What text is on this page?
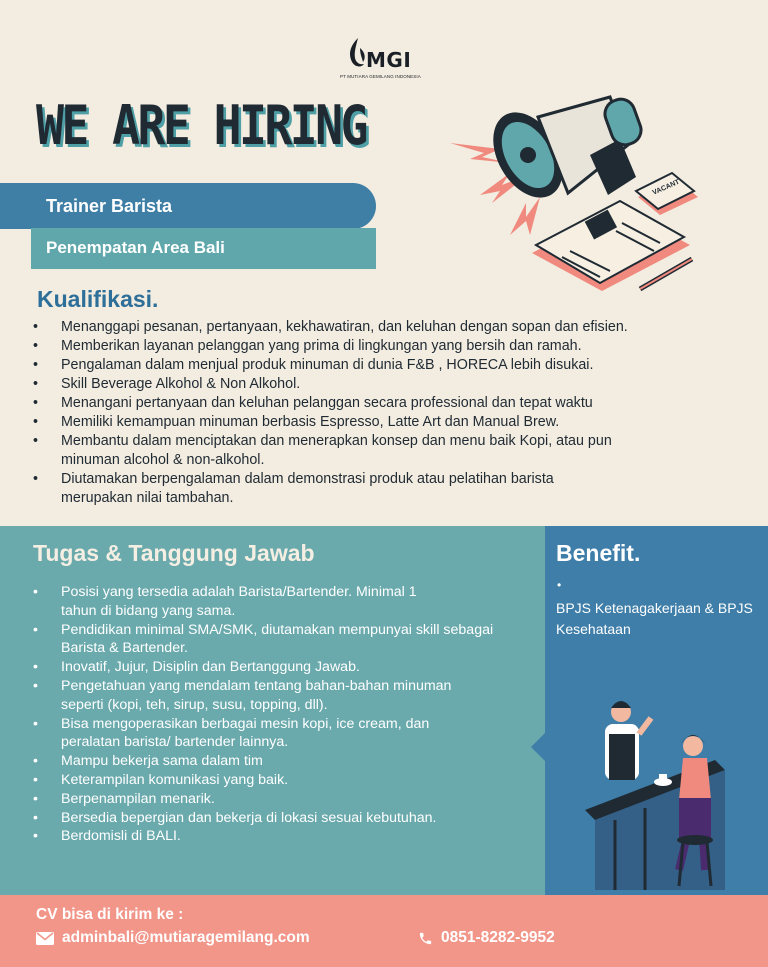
MGI
PT MUTIARA GEMILANG INDONESIA
WE ARE HIRING
Trainer Barista
Penempatan Area Bali
VACANT
Kualifikasi.
• Menanggapi pesanan, pertanyaan, kekhawatiran, dan keluhan dengan sopan dan efisien.
• Memberikan layanan pelanggan yang prima di lingkungan yang bersih dan ramah.
• Pengalaman dalam menjual produk minuman di dunia F&B , HORECA lebih disukai.
• Skill Beverage Alkohol & Non Alkohol.
• Menangani pertanyaan dan keluhan pelanggan secara professional dan tepat waktu
• Memiliki kemampuan minuman berbasis Espresso, Latte Art dan Manual Brew.
• Membantu dalam menciptakan dan menerapkan konsep dan menu baik Kopi, atau pun minuman alcohol & non-alkohol.
• Diutamakan berpengalaman dalam demonstrasi produk atau pelatihan barista merupakan nilai tambahan.
Tugas & Tanggung Jawab
• Posisi yang tersedia adalah Barista/Bartender. Minimal 1 tahun di bidang yang sama.
• Pendidikan minimal SMA/SMK, diutamakan mempunyai skill sebagai Barista & Bartender.
• Inovatif, Jujur, Disiplin dan Bertanggung Jawab.
• Pengetahuan yang mendalam tentang bahan-bahan minuman seperti (kopi, teh, sirup, susu, topping, dll).
• Bisa mengoperasikan berbagai mesin kopi, ice cream, dan peralatan barista/ bartender lainnya.
• Mampu bekerja sama dalam tim
• Keterampilan komunikasi yang baik.
• Berpenampilan menarik.
• Bersedia bepergian dan bekerja di lokasi sesuai kebutuhan.
• Berdomisli di BALI.
Benefit.
•
BPJS Ketenagakerjaan & BPJS Kesehataan
CV bisa di kirim ke :
adminbali@mutiaragemilang.com	0851-8282-9952
